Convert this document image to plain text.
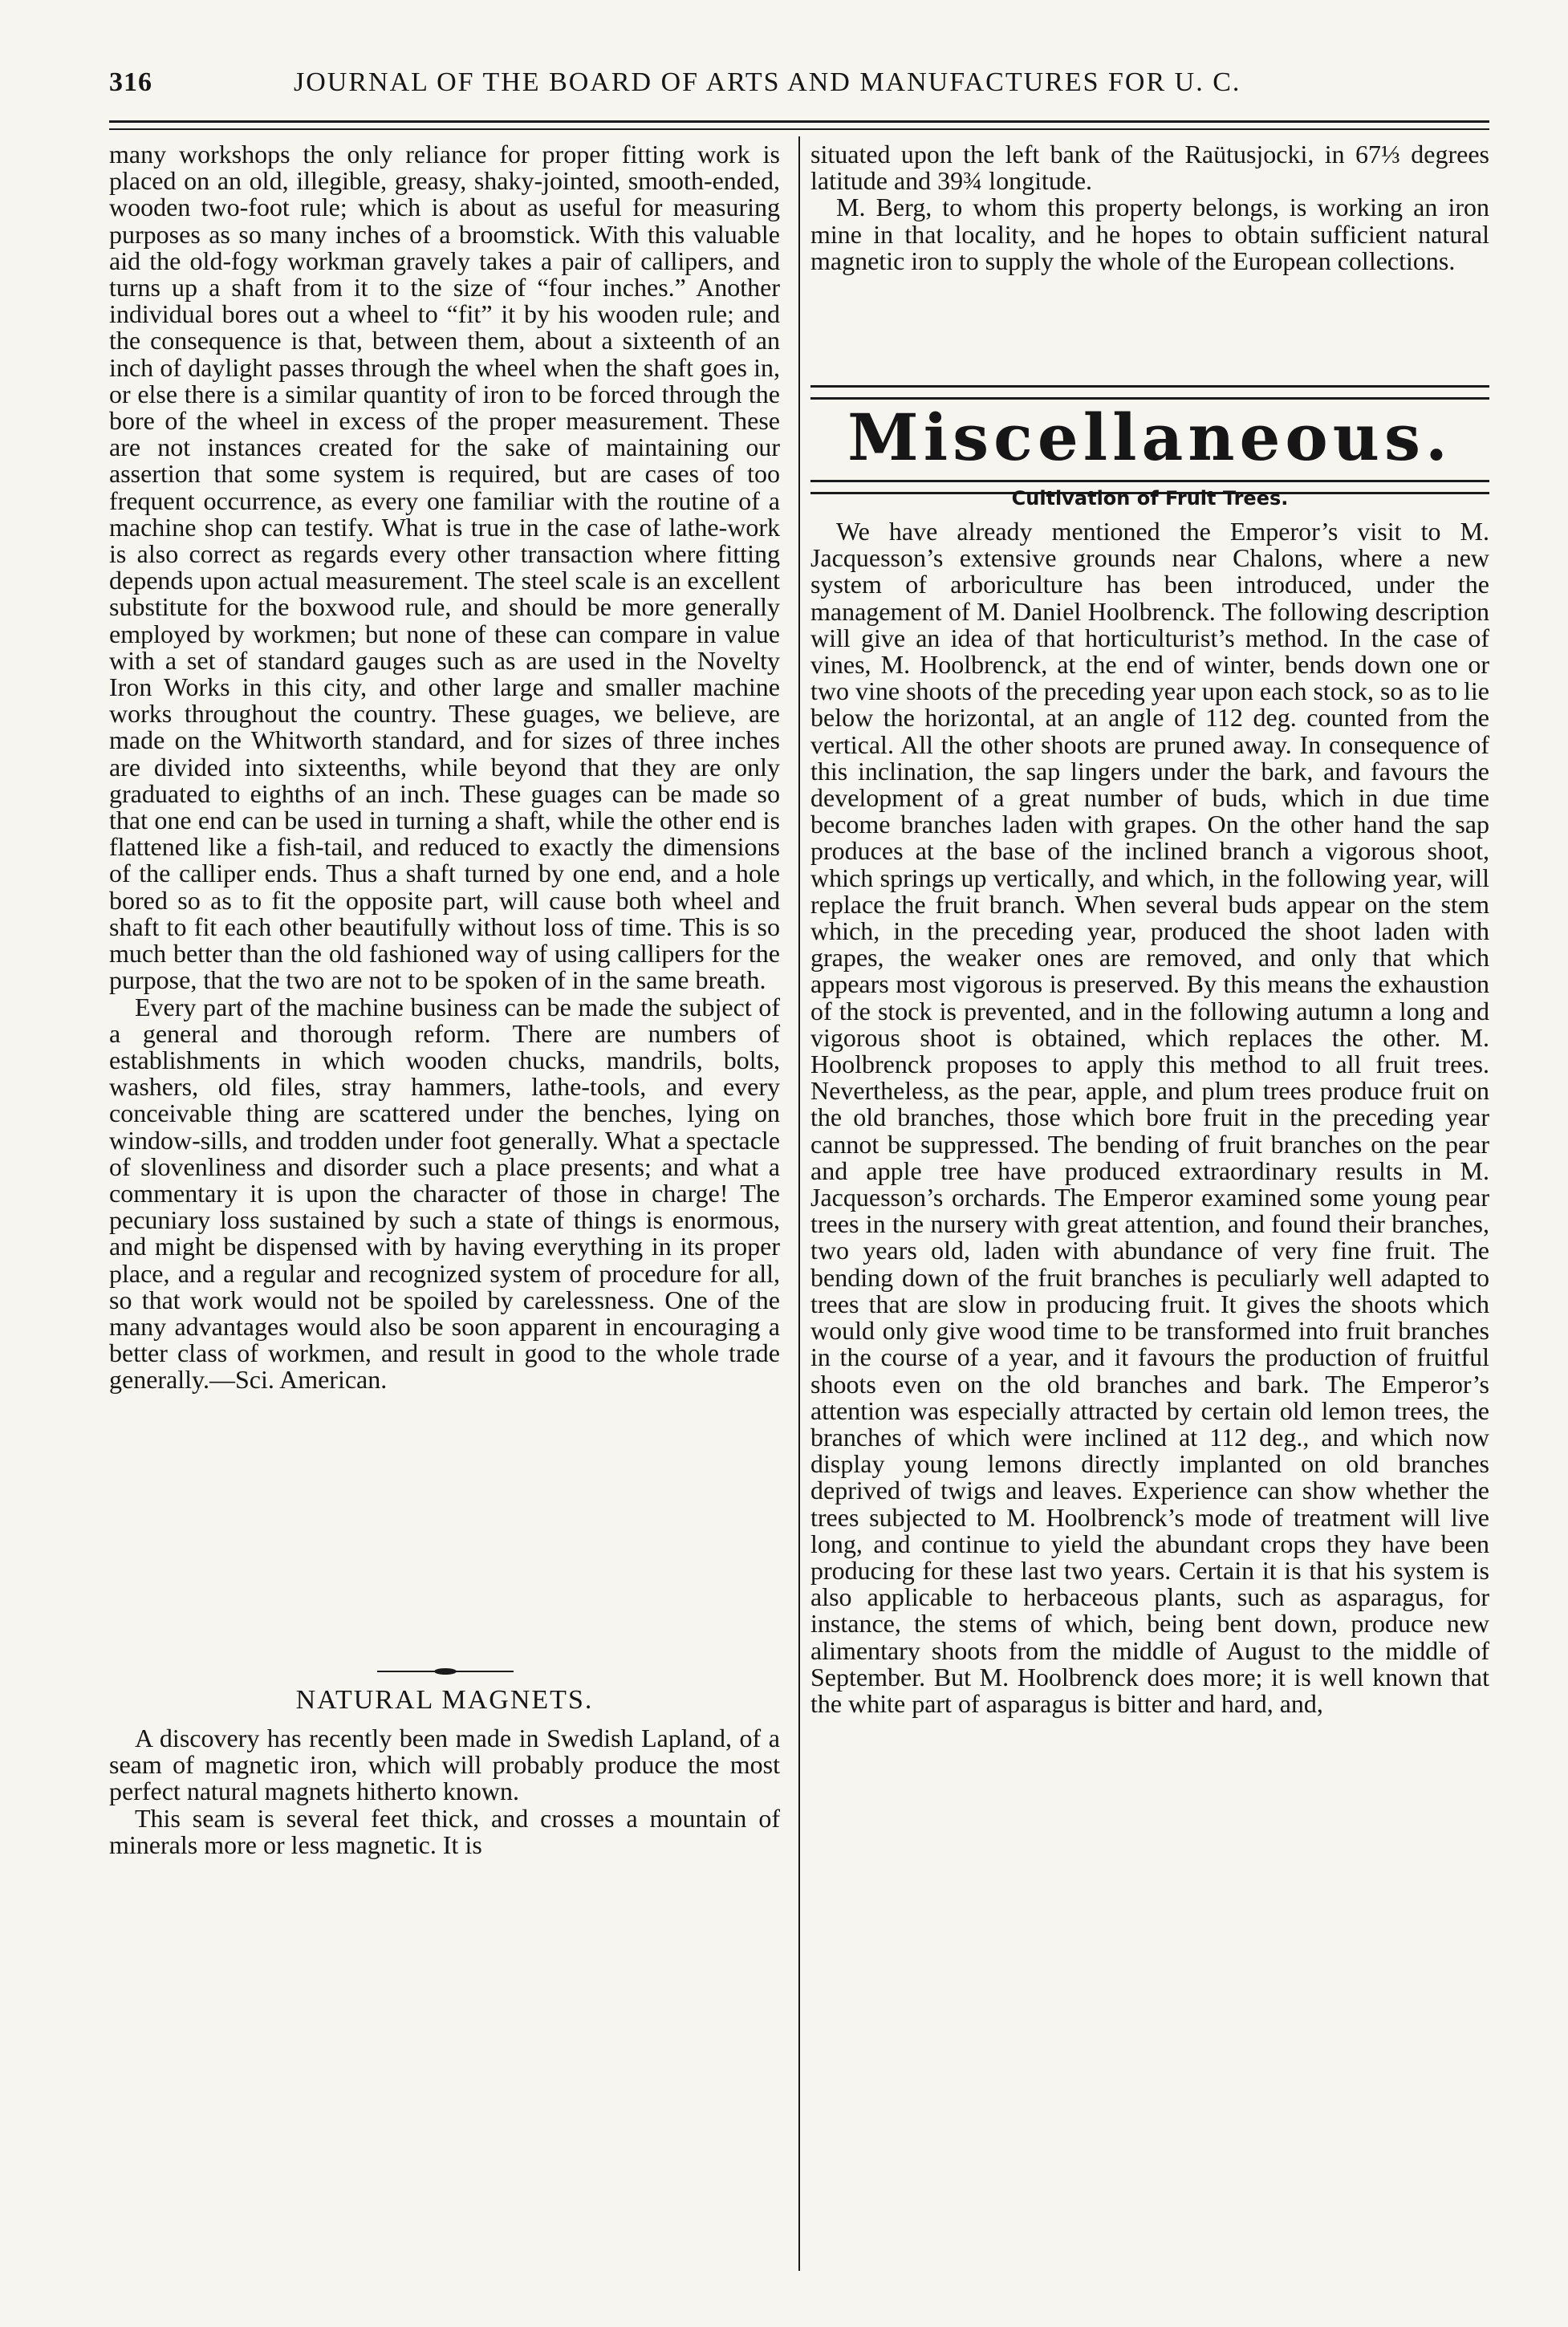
316	JOURNAL OF THE BOARD OF ARTS AND MANUFACTURES FOR U. C.

many workshops the only reliance for proper fitting work is placed on an old, illegible, greasy, shaky-jointed, smooth-ended, wooden two-foot rule; which is about as useful for measuring purposes as so many inches of a broomstick. With this valuable aid the old-fogy workman gravely takes a pair of callipers, and turns up a shaft from it to the size of “four inches.” Another individual bores out a wheel to “fit” it by his wooden rule; and the consequence is that, between them, about a sixteenth of an inch of daylight passes through the wheel when the shaft goes in, or else there is a similar quantity of iron to be forced through the bore of the wheel in excess of the proper measurement. These are not instances created for the sake of maintaining our assertion that some system is required, but are cases of too frequent occurrence, as every one familiar with the routine of a machine shop can testify. What is true in the case of lathe-work is also correct as regards every other transaction where fitting depends upon actual measurement. The steel scale is an excellent substitute for the boxwood rule, and should be more generally employed by workmen; but none of these can compare in value with a set of standard gauges such as are used in the Novelty Iron Works in this city, and other large and smaller machine works throughout the country. These guages, we believe, are made on the Whitworth standard, and for sizes of three inches are divided into sixteenths, while beyond that they are only graduated to eighths of an inch. These guages can be made so that one end can be used in turning a shaft, while the other end is flattened like a fish-tail, and reduced to exactly the dimensions of the calliper ends. Thus a shaft turned by one end, and a hole bored so as to fit the opposite part, will cause both wheel and shaft to fit each other beautifully without loss of time. This is so much better than the old fashioned way of using callipers for the purpose, that the two are not to be spoken of in the same breath.

Every part of the machine business can be made the subject of a general and thorough reform. There are numbers of establishments in which wooden chucks, mandrils, bolts, washers, old files, stray hammers, lathe-tools, and every conceivable thing are scattered under the benches, lying on window-sills, and trodden under foot generally. What a spectacle of slovenliness and disorder such a place presents; and what a commentary it is upon the character of those in charge! The pecuniary loss sustained by such a state of things is enormous, and might be dispensed with by having everything in its proper place, and a regular and recognized system of procedure for all, so that work would not be spoiled by carelessness. One of the many advantages would also be soon apparent in encouraging a better class of workmen, and result in good to the whole trade generally.—Sci. American.

NATURAL MAGNETS.

A discovery has recently been made in Swedish Lapland, of a seam of magnetic iron, which will probably produce the most perfect natural magnets hitherto known.

This seam is several feet thick, and crosses a mountain of minerals more or less magnetic. It is

situated upon the left bank of the Raütusjocki, in 67⅓ degrees latitude and 39¾ longitude.

M. Berg, to whom this property belongs, is working an iron mine in that locality, and he hopes to obtain sufficient natural magnetic iron to supply the whole of the European collections.

Miscellaneous.
Cultivation of Fruit Trees.

We have already mentioned the Emperor’s visit to M. Jacquesson’s extensive grounds near Chalons, where a new system of arboriculture has been introduced, under the management of M. Daniel Hoolbrenck. The following description will give an idea of that horticulturist’s method. In the case of vines, M. Hoolbrenck, at the end of winter, bends down one or two vine shoots of the preceding year upon each stock, so as to lie below the horizontal, at an angle of 112 deg. counted from the vertical. All the other shoots are pruned away. In consequence of this inclination, the sap lingers under the bark, and favours the development of a great number of buds, which in due time become branches laden with grapes. On the other hand the sap produces at the base of the inclined branch a vigorous shoot, which springs up vertically, and which, in the following year, will replace the fruit branch. When several buds appear on the stem which, in the preceding year, produced the shoot laden with grapes, the weaker ones are removed, and only that which appears most vigorous is preserved. By this means the exhaustion of the stock is prevented, and in the following autumn a long and vigorous shoot is obtained, which replaces the other. M. Hoolbrenck proposes to apply this method to all fruit trees. Nevertheless, as the pear, apple, and plum trees produce fruit on the old branches, those which bore fruit in the preceding year cannot be suppressed. The bending of fruit branches on the pear and apple tree have produced extraordinary results in M. Jacquesson’s orchards. The Emperor examined some young pear trees in the nursery with great attention, and found their branches, two years old, laden with abundance of very fine fruit. The bending down of the fruit branches is peculiarly well adapted to trees that are slow in producing fruit. It gives the shoots which would only give wood time to be transformed into fruit branches in the course of a year, and it favours the production of fruitful shoots even on the old branches and bark. The Emperor’s attention was especially attracted by certain old lemon trees, the branches of which were inclined at 112 deg., and which now display young lemons directly implanted on old branches deprived of twigs and leaves. Experience can show whether the trees subjected to M. Hoolbrenck’s mode of treatment will live long, and continue to yield the abundant crops they have been producing for these last two years. Certain it is that his system is also applicable to herbaceous plants, such as asparagus, for instance, the stems of which, being bent down, produce new alimentary shoots from the middle of August to the middle of September. But M. Hoolbrenck does more; it is well known that the white part of asparagus is bitter and hard, and,
